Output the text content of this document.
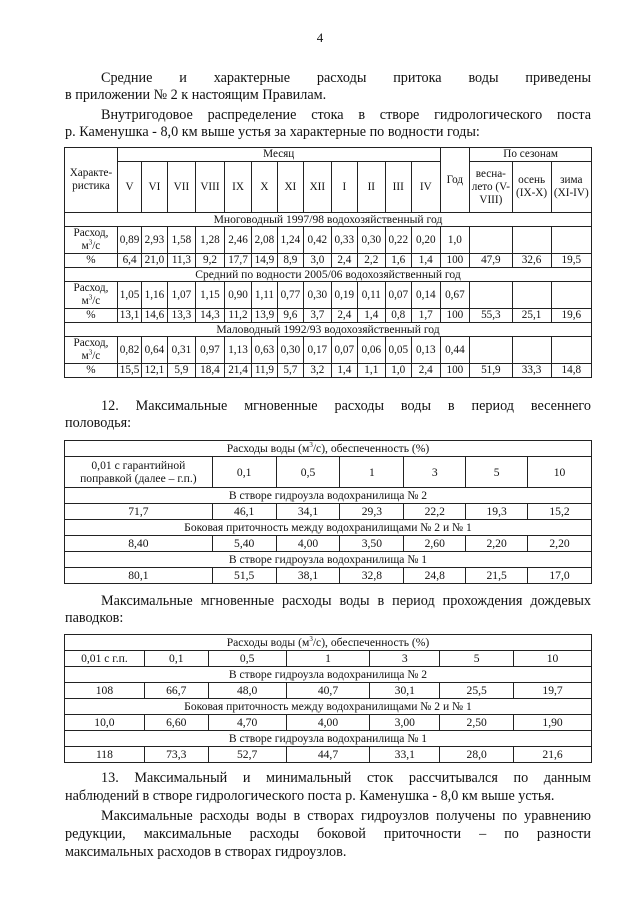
4

Средние и характерные расходы притока воды приведены

в приложении № 2 к настоящим Правилам.

Внутригодовое распределение стока в створе гидрологического поста

р. Каменушка - 8,0 км выше устья за характерные по водности годы:

Характе-ристика	Месяц												Год	По сезонам		
	V	VI	VII	VIII	IX	X	XI	XII	I	II	III	IV		весна-лето (V-VIII)	осень (IX-X)	зима (XI-IV)
Многоводный 1997/98 водохозяйственный год																
Расход, $м^3/с$	0,89	2,93	1,58	1,28	2,46	2,08	1,24	0,42	0,33	0,30	0,22	0,20	1,0			
%	6,4	21,0	11,3	9,2	17,7	14,9	8,9	3,0	2,4	2,2	1,6	1,4	100	47,9	32,6	19,5
Средний по водности 2005/06 водохозяйственный год																
Расход, $м^3/с$	1,05	1,16	1,07	1,15	0,90	1,11	0,77	0,30	0,19	0,11	0,07	0,14	0,67			
%	13,1	14,6	13,3	14,3	11,2	13,9	9,6	3,7	2,4	1,4	0,8	1,7	100	55,3	25,1	19,6
Маловодный 1992/93 водохозяйственный год																
Расход, $м^3/с$	0,82	0,64	0,31	0,97	1,13	0,63	0,30	0,17	0,07	0,06	0,05	0,13	0,44			
%	15,5	12,1	5,9	18,4	21,4	11,9	5,7	3,2	1,4	1,1	1,0	2,4	100	51,9	33,3	14,8

12. Максимальные мгновенные расходы воды в период весеннего

половодья:

Расходы воды $(м^3/с)$, обеспеченность (%)						
0,01 с гарантийной поправкой (далее – г.п.)	0,1	0,5	1	3	5	10
В створе гидроузла водохранилища № 2						
71,7	46,1	34,1	29,3	22,2	19,3	15,2
Боковая приточность между водохранилищами № 2 и № 1						
8,40	5,40	4,00	3,50	2,60	2,20	2,20
В створе гидроузла водохранилища № 1						
80,1	51,5	38,1	32,8	24,8	21,5	17,0

Максимальные мгновенные расходы воды в период прохождения дождевых

паводков:

Расходы воды $(м^3/с)$, обеспеченность (%)						
0,01 с г.п.	0,1	0,5	1	3	5	10
В створе гидроузла водохранилища № 2						
108	66,7	48,0	40,7	30,1	25,5	19,7
Боковая приточность между водохранилищами № 2 и № 1						
10,0	6,60	4,70	4,00	3,00	2,50	1,90
В створе гидроузла водохранилища № 1						
118	73,3	52,7	44,7	33,1	28,0	21,6

13. Максимальный и минимальный сток рассчитывался по данным

наблюдений в створе гидрологического поста р. Каменушка - 8,0 км выше устья.

Максимальные расходы воды в створах гидроузлов получены по уравнению

редукции, максимальные расходы боковой приточности – по разности

максимальных расходов в створах гидроузлов.
